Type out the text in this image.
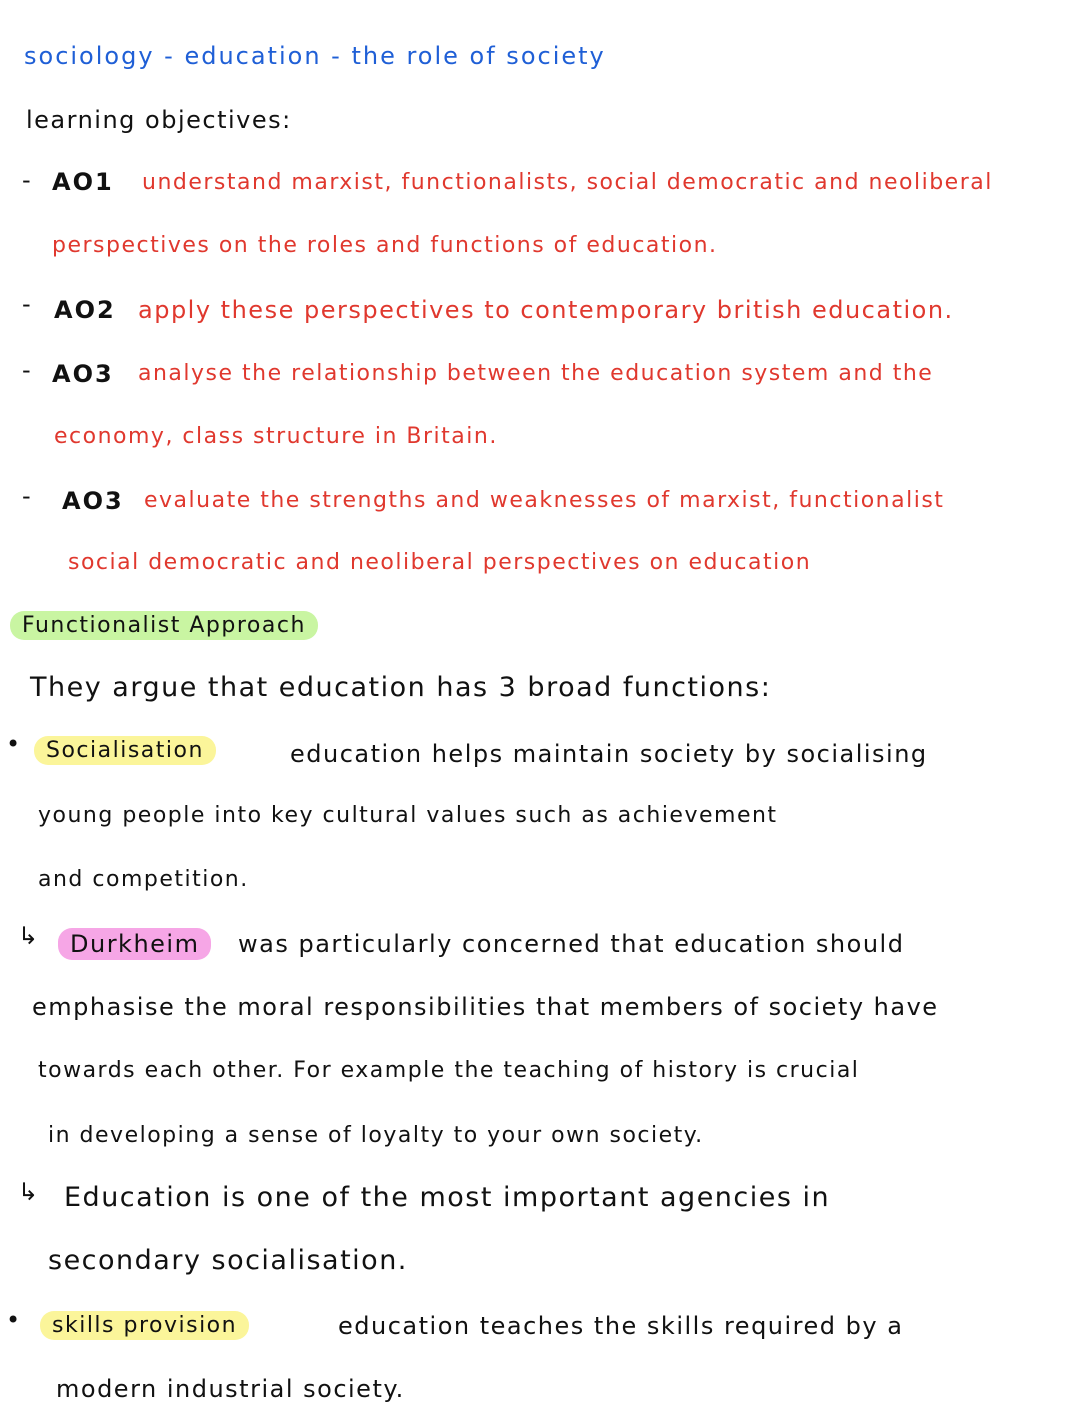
sociology - education - the role of society
learning objectives:
- AO1 understand marxist, functionalists, social democratic and neoliberal
perspectives on the roles and functions of education.
- AO2 apply these perspectives to contemporary british education.
- AO3 analyse the relationship between the education system and the
economy, class structure in Britain.
- AO3 evaluate the strengths and weaknesses of marxist, functionalist
social democratic and neoliberal perspectives on education
Functionalist Approach
They argue that education has 3 broad functions:
•	Socialisation	education helps maintain society by socialising
young people into key cultural values such as achievement
and competition.
↳	Durkheim	was particularly concerned that education should
emphasise the moral responsibilities that members of society have
towards each other. For example the teaching of history is crucial
in developing a sense of loyalty to your own society.
↳ Education is one of the most important agencies in
secondary socialisation.
•	skills provision	education teaches the skills required by a
modern industrial society.
